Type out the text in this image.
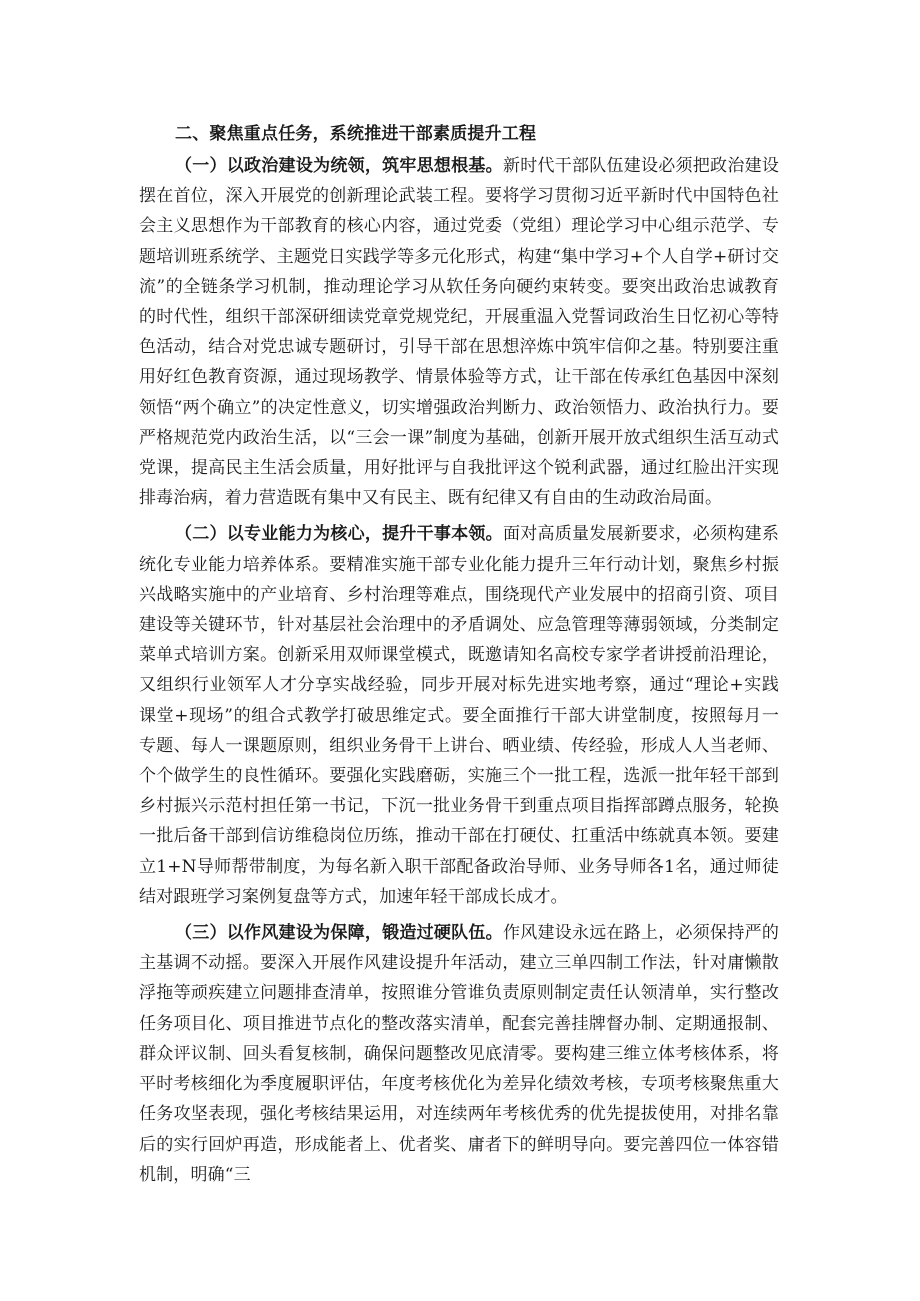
二、聚焦重点任务，系统推进干部素质提升工程

（一）以政治建设为统领，筑牢思想根基。新时代干部队伍建设必须把政治建设摆在首位，深入开展党的创新理论武装工程。要将学习贯彻习近平新时代中国特色社会主义思想作为干部教育的核心内容，通过党委（党组）理论学习中心组示范学、专题培训班系统学、主题党日实践学等多元化形式，构建“集中学习+个人自学+研讨交流”的全链条学习机制，推动理论学习从软任务向硬约束转变。要突出政治忠诚教育的时代性，组织干部深研细读党章党规党纪，开展重温入党誓词政治生日忆初心等特色活动，结合对党忠诚专题研讨，引导干部在思想淬炼中筑牢信仰之基。特别要注重用好红色教育资源，通过现场教学、情景体验等方式，让干部在传承红色基因中深刻领悟“两个确立”的决定性意义，切实增强政治判断力、政治领悟力、政治执行力。要严格规范党内政治生活，以“三会一课”制度为基础，创新开展开放式组织生活互动式党课，提高民主生活会质量，用好批评与自我批评这个锐利武器，通过红脸出汗实现排毒治病，着力营造既有集中又有民主、既有纪律又有自由的生动政治局面。

（二）以专业能力为核心，提升干事本领。面对高质量发展新要求，必须构建系统化专业能力培养体系。要精准实施干部专业化能力提升三年行动计划，聚焦乡村振兴战略实施中的产业培育、乡村治理等难点，围绕现代产业发展中的招商引资、项目建设等关键环节，针对基层社会治理中的矛盾调处、应急管理等薄弱领域，分类制定菜单式培训方案。创新采用双师课堂模式，既邀请知名高校专家学者讲授前沿理论，又组织行业领军人才分享实战经验，同步开展对标先进实地考察，通过“理论+实践课堂+现场”的组合式教学打破思维定式。要全面推行干部大讲堂制度，按照每月一专题、每人一课题原则，组织业务骨干上讲台、晒业绩、传经验，形成人人当老师、个个做学生的良性循环。要强化实践磨砺，实施三个一批工程，选派一批年轻干部到乡村振兴示范村担任第一书记，下沉一批业务骨干到重点项目指挥部蹲点服务，轮换一批后备干部到信访维稳岗位历练，推动干部在打硬仗、扛重活中练就真本领。要建立1+N导师帮带制度，为每名新入职干部配备政治导师、业务导师各1名，通过师徒结对跟班学习案例复盘等方式，加速年轻干部成长成才。

（三）以作风建设为保障，锻造过硬队伍。作风建设永远在路上，必须保持严的主基调不动摇。要深入开展作风建设提升年活动，建立三单四制工作法，针对庸懒散浮拖等顽疾建立问题排查清单，按照谁分管谁负责原则制定责任认领清单，实行整改任务项目化、项目推进节点化的整改落实清单，配套完善挂牌督办制、定期通报制、群众评议制、回头看复核制，确保问题整改见底清零。要构建三维立体考核体系，将平时考核细化为季度履职评估，年度考核优化为差异化绩效考核，专项考核聚焦重大任务攻坚表现，强化考核结果运用，对连续两年考核优秀的优先提拔使用，对排名靠后的实行回炉再造，形成能者上、优者奖、庸者下的鲜明导向。要完善四位一体容错机制，明确“三
